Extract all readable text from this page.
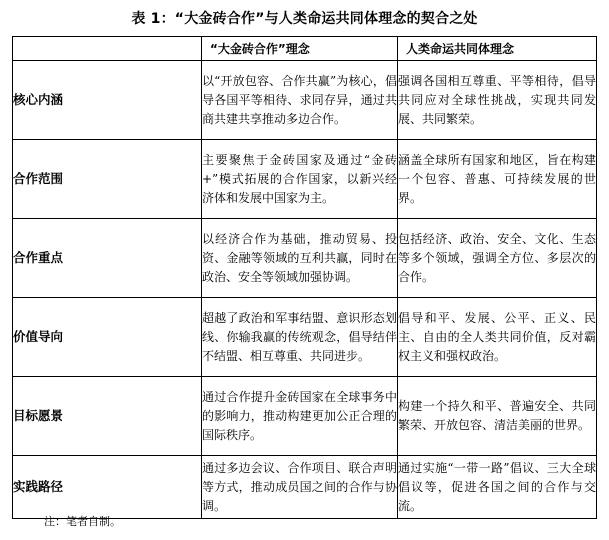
表 1：“大金砖合作”与人类命运共同体理念的契合之处
	“大金砖合作”理念	人类命运共同体理念
核心内涵	以“开放包容、合作共赢”为核心，倡导各国平等相待、求同存异，通过共商共建共享推动多边合作。	强调各国相互尊重、平等相待，倡导共同应对全球性挑战，实现共同发展、共同繁荣。
合作范围	主要聚焦于金砖国家及通过“金砖+”模式拓展的合作国家，以新兴经济体和发展中国家为主。	涵盖全球所有国家和地区，旨在构建一个包容、普惠、可持续发展的世界。
合作重点	以经济合作为基础，推动贸易、投资、金融等领域的互利共赢，同时在政治、安全等领域加强协调。	包括经济、政治、安全、文化、生态等多个领域，强调全方位、多层次的合作。
价值导向	超越了政治和军事结盟、意识形态划线、你输我赢的传统观念，倡导结伴不结盟、相互尊重、共同进步。	倡导和平、发展、公平、正义、民主、自由的全人类共同价值，反对霸权主义和强权政治。
目标愿景	通过合作提升金砖国家在全球事务中的影响力，推动构建更加公正合理的国际秩序。	构建一个持久和平、普遍安全、共同繁荣、开放包容、清洁美丽的世界。
实践路径	通过多边会议、合作项目、联合声明等方式，推动成员国之间的合作与协调。	通过实施“一带一路”倡议、三大全球倡议等，促进各国之间的合作与交流。
注：笔者自制。
